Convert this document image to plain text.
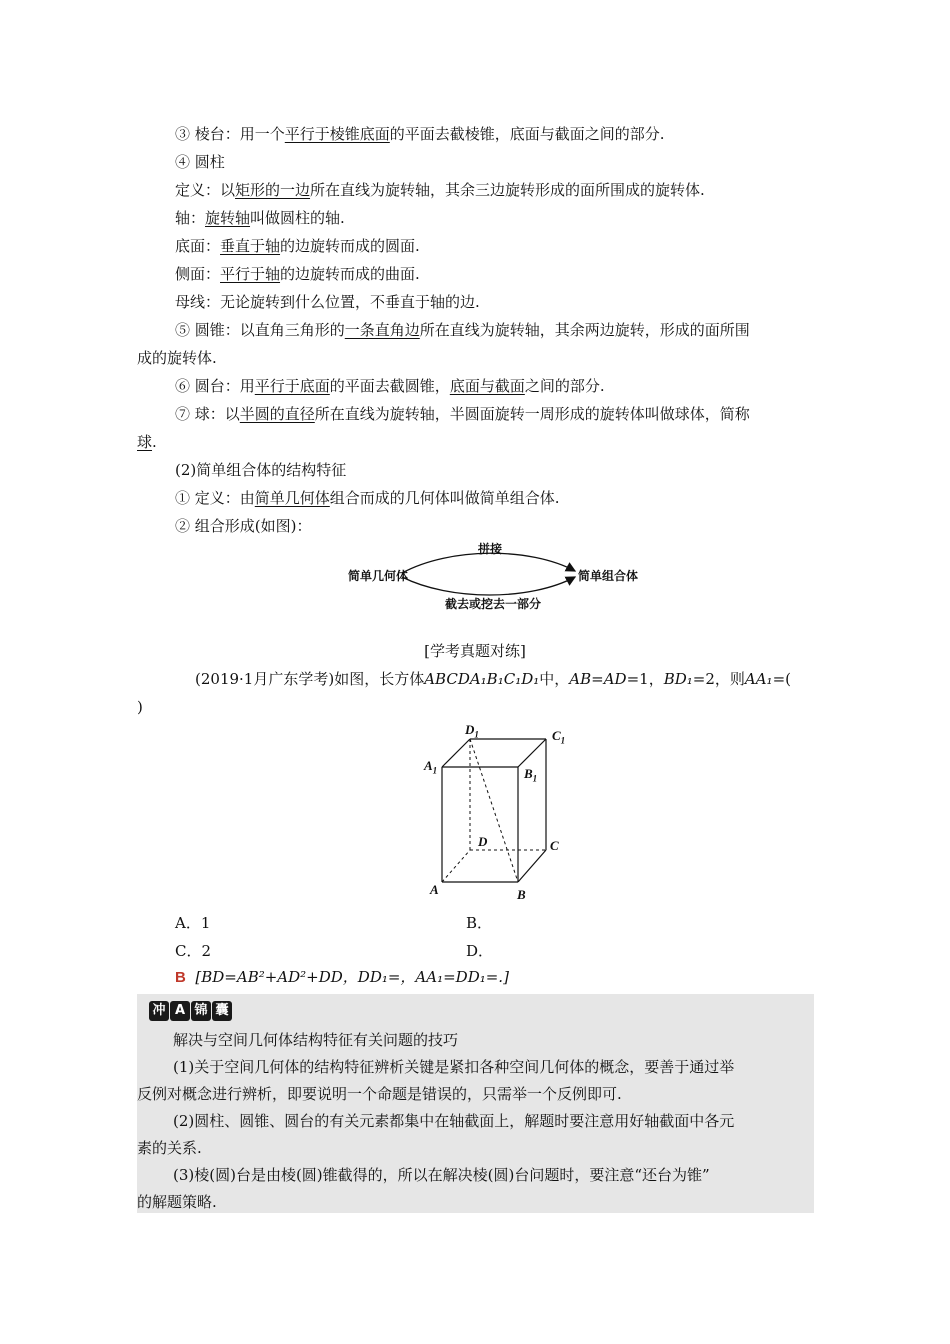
③ 棱台：用一个平行于棱锥底面的平面去截棱锥，底面与截面之间的部分.
④ 圆柱
定义：以矩形的一边所在直线为旋转轴，其余三边旋转形成的面所围成的旋转体.
轴：旋转轴叫做圆柱的轴.
底面：垂直于轴的边旋转而成的圆面.
侧面：平行于轴的边旋转而成的曲面.
母线：无论旋转到什么位置，不垂直于轴的边.
⑤ 圆锥：以直角三角形的一条直角边所在直线为旋转轴，其余两边旋转，形成的面所围
成的旋转体.
⑥ 圆台：用平行于底面的平面去截圆锥，底面与截面之间的部分.
⑦ 球：以半圆的直径所在直线为旋转轴，半圆面旋转一周形成的旋转体叫做球体，简称
球.
(2)简单组合体的结构特征
① 定义：由简单几何体组合而成的几何体叫做简单组合体.
② 组合形成(如图)：
简单几何体	简单组合体
拼接
截去或挖去一部分
[学考真题对练]
(2019·1月广东学考)如图，长方体ABCDA₁B₁C₁D₁中，AB=AD=1，BD₁=2，则AA₁=(
)
$D_1$	$C_1$
$A_1$	$B_1$
D	C
A	B
A．1	B．
C．2	D．
B [BD=AB²+AD²+DD，DD₁=，AA₁=DD₁=.]
冲 A 锦 囊
解决与空间几何体结构特征有关问题的技巧
(1)关于空间几何体的结构特征辨析关键是紧扣各种空间几何体的概念，要善于通过举
反例对概念进行辨析，即要说明一个命题是错误的，只需举一个反例即可.
(2)圆柱、圆锥、圆台的有关元素都集中在轴截面上，解题时要注意用好轴截面中各元
素的关系.
(3)棱(圆)台是由棱(圆)锥截得的，所以在解决棱(圆)台问题时，要注意“还台为锥”
的解题策略.
